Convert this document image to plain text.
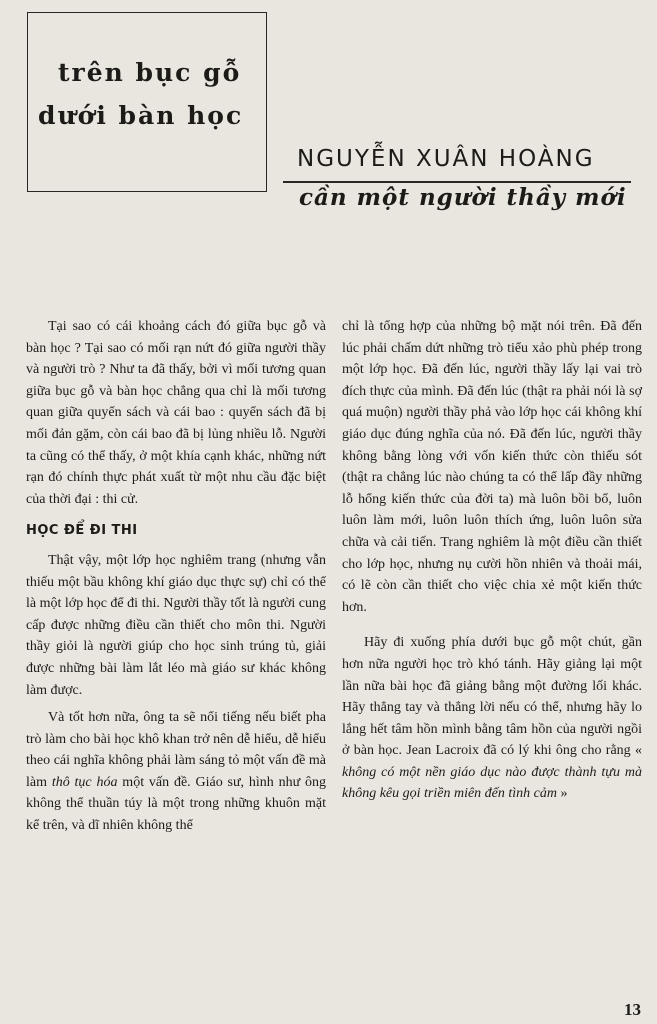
trên bục gỗ
dưới bàn học
NGUYỄN XUÂN HOÀNG
cần một người thầy mới

Tại sao có cái khoảng cách đó giữa bục gỗ và bàn học ? Tại sao có mối rạn nứt đó giữa người thầy và người trò ? Như ta đã thấy, bởi vì mối tương quan giữa bục gỗ và bàn học chẳng qua chỉ là mối tương quan giữa quyển sách và cái bao : quyển sách đã bị mối đản gặm, còn cái bao đã bị lủng nhiều lỗ. Người ta cũng có thể thấy, ở một khía cạnh khác, những nứt rạn đó chính thực phát xuất từ một nhu cầu đặc biệt của thời đại : thi cử.

HỌC ĐỂ ĐI THI

Thật vậy, một lớp học nghiêm trang (nhưng vẫn thiếu một bầu không khí giáo dục thực sự) chỉ có thể là một lớp học để đi thi. Người thầy tốt là người cung cấp được những điều cần thiết cho môn thi. Người thầy giỏi là người giúp cho học sinh trúng tủ, giải được những bài làm lắt léo mà giáo sư khác không làm được.

Và tốt hơn nữa, ông ta sẽ nổi tiếng nếu biết pha trò làm cho bài học khô khan trở nên dễ hiểu, dễ hiểu theo cái nghĩa không phải làm sáng tỏ một vấn đề mà làm thô tục hóa một vấn đề. Giáo sư, hình như ông không thể thuần túy là một trong những khuôn mặt kể trên, và dĩ nhiên không thể

chỉ là tổng hợp của những bộ mặt nói trên. Đã đến lúc phải chấm dứt những trò tiểu xảo phù phép trong một lớp học. Đã đến lúc, người thầy lấy lại vai trò đích thực của mình. Đã đến lúc (thật ra phải nói là sợ quá muộn) người thầy phả vào lớp học cái không khí giáo dục đúng nghĩa của nó. Đã đến lúc, người thầy không bằng lòng với vốn kiến thức còn thiếu sót (thật ra chẳng lúc nào chúng ta có thể lấp đầy những lỗ hổng kiến thức của đời ta) mà luôn bồi bổ, luôn luôn làm mới, luôn luôn thích ứng, luôn luôn sửa chữa và cải tiến. Trang nghiêm là một điều cần thiết cho lớp học, nhưng nụ cười hồn nhiên và thoải mái, có lẽ còn cần thiết cho việc chia xẻ một kiến thức hơn.

Hãy đi xuống phía dưới bục gỗ một chút, gần hơn nữa người học trò khó tánh. Hãy giảng lại một lần nữa bài học đã giảng bằng một đường lối khác. Hãy thẳng tay và thẳng lời nếu có thể, nhưng hãy lo lắng hết tâm hồn mình bằng tâm hồn của người ngồi ở bàn học. Jean Lacroix đã có lý khi ông cho rằng « không có một nền giáo dục nào được thành tựu mà không kêu gọi triền miên đến tình cảm »

13
